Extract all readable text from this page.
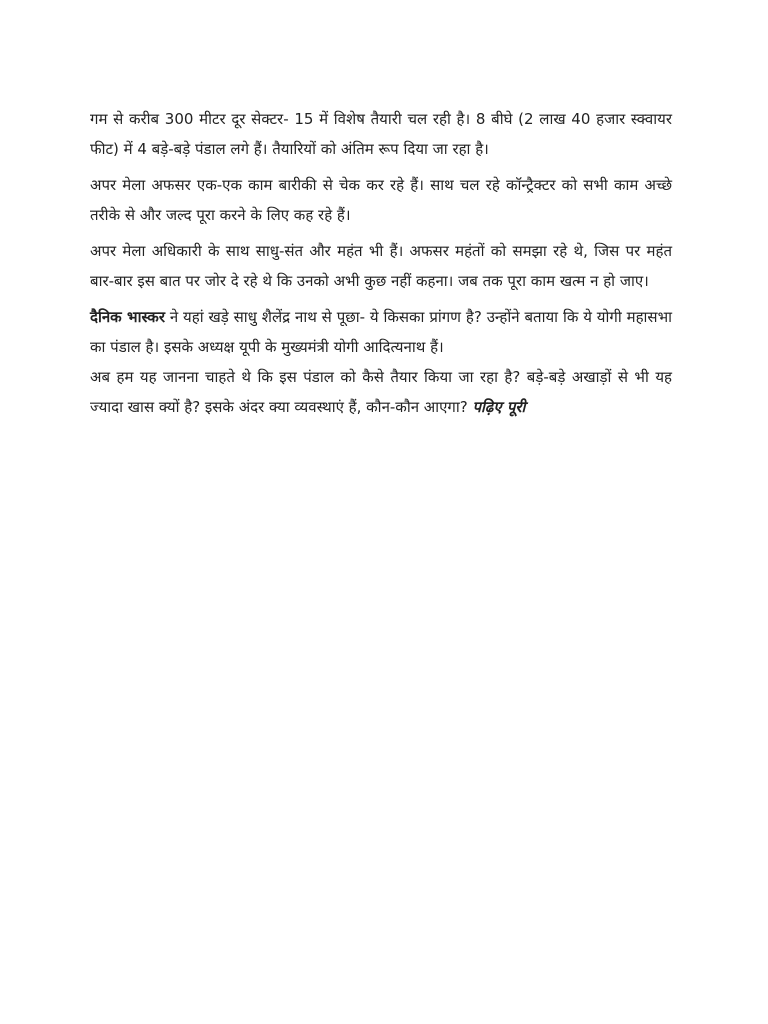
गम से करीब 300 मीटर दूर सेक्टर- 15 में विशेष तैयारी चल रही है। 8 बीघे (2 लाख 40 हजार स्क्वायर फीट) में 4 बड़े-बड़े पंडाल लगे हैं। तैयारियों को अंतिम रूप दिया जा रहा है।

अपर मेला अफसर एक-एक काम बारीकी से चेक कर रहे हैं। साथ चल रहे कॉन्ट्रैक्टर को सभी काम अच्छे तरीके से और जल्द पूरा करने के लिए कह रहे हैं।

अपर मेला अधिकारी के साथ साधु-संत और महंत भी हैं। अफसर महंतों को समझा रहे थे, जिस पर महंत बार-बार इस बात पर जोर दे रहे थे कि उनको अभी कुछ नहीं कहना। जब तक पूरा काम खत्म न हो जाए।

दैनिक भास्कर ने यहां खड़े साधु शैलेंद्र नाथ से पूछा- ये किसका प्रांगण है? उन्होंने बताया कि ये योगी महासभा का पंडाल है। इसके अध्यक्ष यूपी के मुख्यमंत्री योगी आदित्यनाथ हैं।

अब हम यह जानना चाहते थे कि इस पंडाल को कैसे तैयार किया जा रहा है? बड़े-बड़े अखाड़ों से भी यह ज्यादा खास क्यों है? इसके अंदर क्या व्यवस्थाएं हैं, कौन-कौन आएगा? पढ़िए पूरी
